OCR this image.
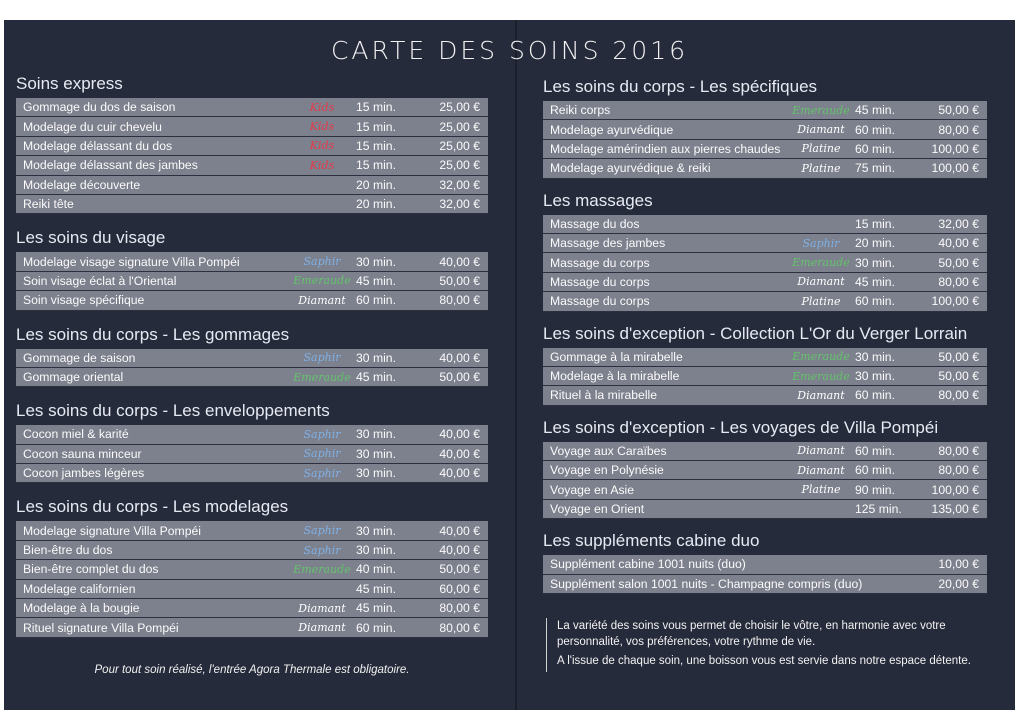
CARTE DES SOINS 2016
Soins express
Gommage du dos de saison	Kids	15 min.	25,00 €
Modelage du cuir chevelu	Kids	15 min.	25,00 €
Modelage délassant du dos	Kids	15 min.	25,00 €
Modelage délassant des jambes	Kids	15 min.	25,00 €
Modelage découverte	20 min.	32,00 €
Reiki tête	20 min.	32,00 €
Les soins du visage
Modelage visage signature Villa Pompéi	Saphir	30 min.	40,00 €
Soin visage éclat à l'Oriental	Emeraude 45 min.	50,00 €
Soin visage spécifique	Diamant 60 min.	80,00 €
Les soins du corps - Les gommages
Gommage de saison	Saphir	30 min.	40,00 €
Gommage oriental	Emeraude 45 min.	50,00 €
Les soins du corps - Les enveloppements
Cocon miel & karité	Saphir	30 min.	40,00 €
Cocon sauna minceur	Saphir	30 min.	40,00 €
Cocon jambes légères	Saphir	30 min.	40,00 €
Les soins du corps - Les modelages
Modelage signature Villa Pompéi	Saphir	30 min.	40,00 €
Bien-être du dos	Saphir	30 min.	40,00 €
Bien-être complet du dos	Emeraude 40 min.	50,00 €
Modelage californien	45 min.	60,00 €
Modelage à la bougie	Diamant 45 min.	80,00 €
Rituel signature Villa Pompéi	Diamant 60 min.	80,00 €
Les soins du corps - Les spécifiques
Reiki corps	Emeraude 45 min.	50,00 €
Modelage ayurvédique	Diamant 60 min.	80,00 €
Modelage amérindien aux pierres chaudes	Platine	60 min.	100,00 €
Modelage ayurvédique & reiki	Platine	75 min.	100,00 €
Les massages
Massage du dos	15 min.	32,00 €
Massage des jambes	Saphir	20 min.	40,00 €
Massage du corps	Emeraude 30 min.	50,00 €
Massage du corps	Diamant 45 min.	80,00 €
Massage du corps	Platine	60 min.	100,00 €
Les soins d'exception - Collection L'Or du Verger Lorrain
Gommage à la mirabelle	Emeraude 30 min.	50,00 €
Modelage à la mirabelle	Emeraude 30 min.	50,00 €
Rituel à la mirabelle	Diamant 60 min.	80,00 €
Les soins d'exception - Les voyages de Villa Pompéi
Voyage aux Caraïbes	Diamant 60 min.	80,00 €
Voyage en Polynésie	Diamant 60 min.	80,00 €
Voyage en Asie	Platine	90 min.	100,00 €
Voyage en Orient	125 min.	135,00 €
Les suppléments cabine duo
Supplément cabine 1001 nuits (duo)	10,00 €
Supplément salon 1001 nuits - Champagne compris (duo)	20,00 €
Pour tout soin réalisé, l'entrée Agora Thermale est obligatoire.

La variété des soins vous permet de choisir le vôtre, en harmonie avec votre personnalité, vos préférences, votre rythme de vie.

A l'issue de chaque soin, une boisson vous est servie dans notre espace détente.
